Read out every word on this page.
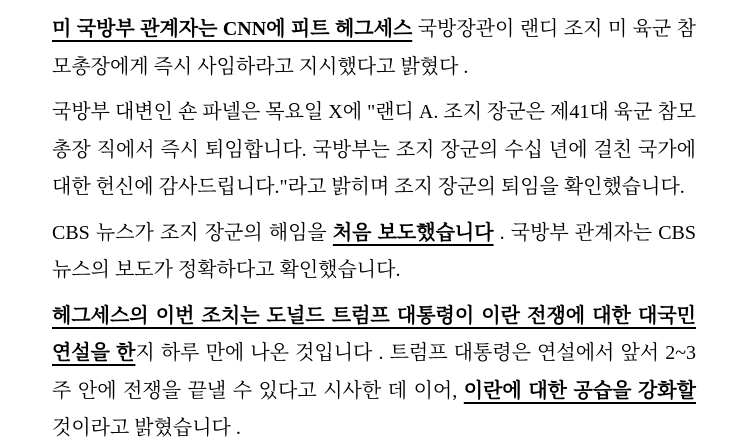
미 국방부 관계자는 CNN에 피트 헤그세스 국방장관이 랜디 조지 미 육군 참모총장에게 즉시 사임하라고 지시했다고 밝혔다 .

국방부 대변인 숀 파넬은 목요일 X에 "랜디 A. 조지 장군은 제41대 육군 참모총장 직에서 즉시 퇴임합니다. 국방부는 조지 장군의 수십 년에 걸친 국가에 대한 헌신에 감사드립니다."라고 밝히며 조지 장군의 퇴임을 확인했습니다.

CBS 뉴스가 조지 장군의 해임을 처음 보도했습니다 . 국방부 관계자는 CBS 뉴스의 보도가 정확하다고 확인했습니다.

헤그세스의 이번 조치는 도널드 트럼프 대통령이 이란 전쟁에 대한 대국민 연설을 한지 하루 만에 나온 것입니다 . 트럼프 대통령은 연설에서 앞서 2~3주 안에 전쟁을 끝낼 수 있다고 시사한 데 이어, 이란에 대한 공습을 강화할 것이라고 밝혔습니다 .
